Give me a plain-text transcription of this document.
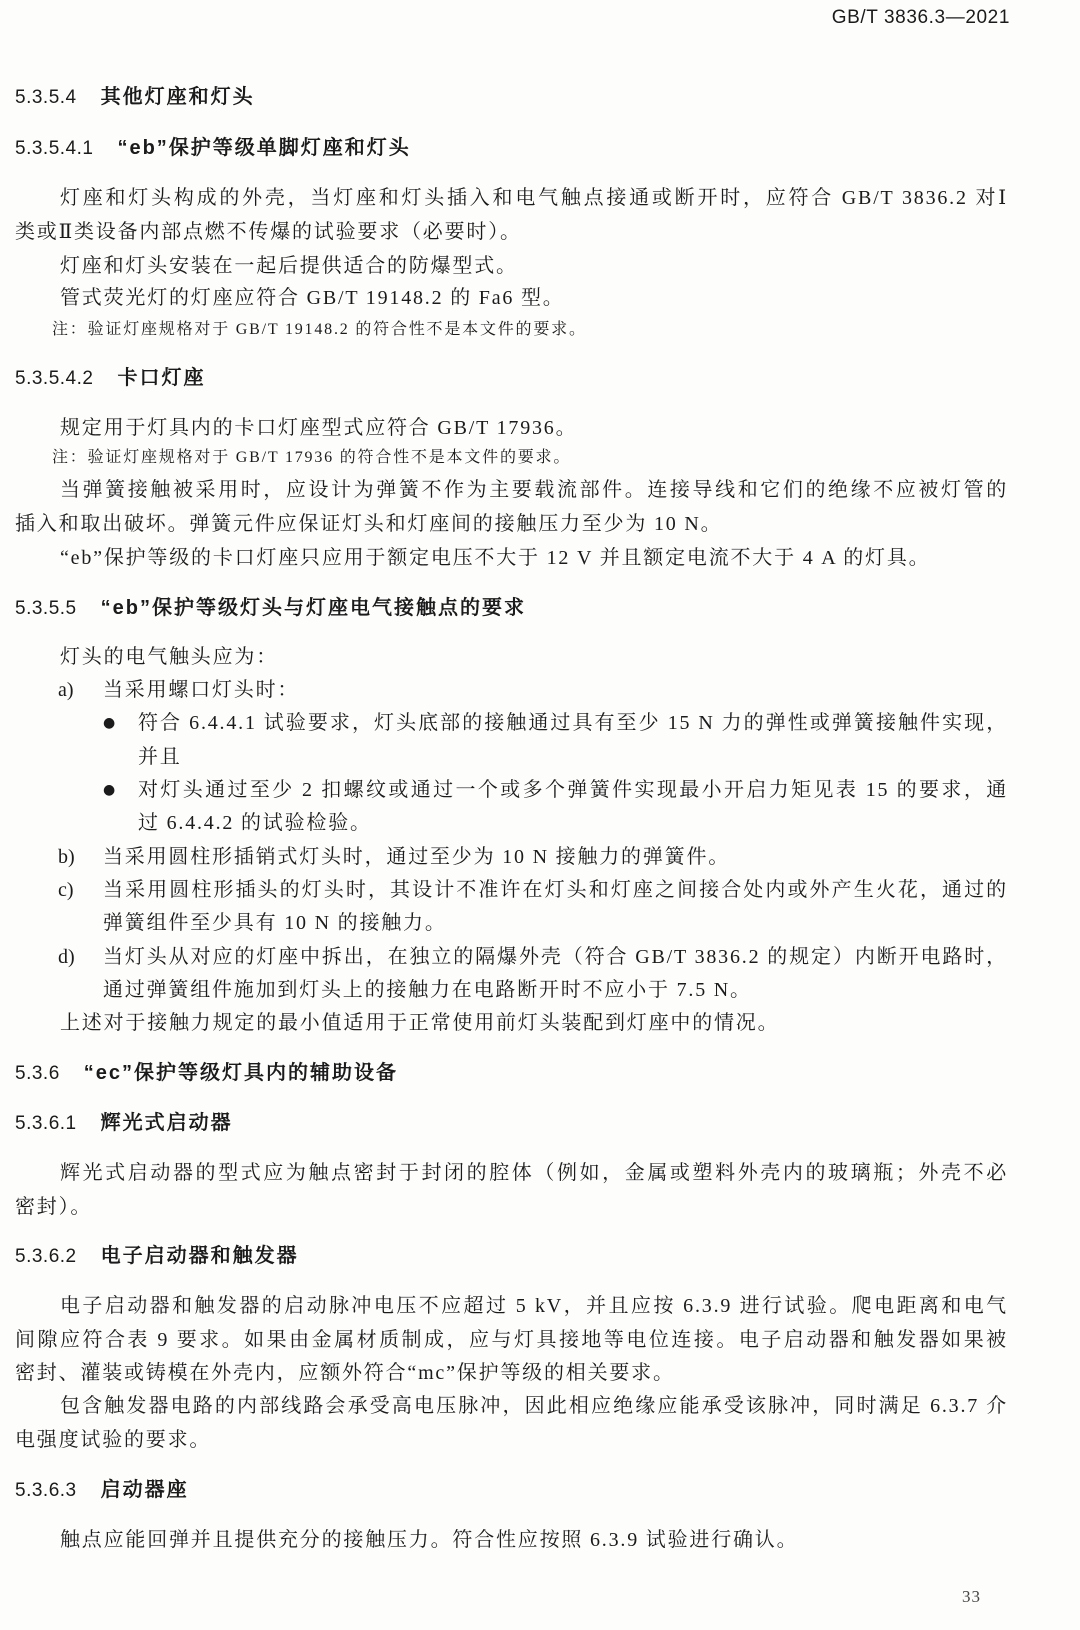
GB/T 3836.3—2021
5.3.5.4 其他灯座和灯头
5.3.5.4.1 “eb”保护等级单脚灯座和灯头
灯座和灯头构成的外壳，当灯座和灯头插入和电气触点接通或断开时，应符合 GB/T 3836.2 对Ⅰ
类或Ⅱ类设备内部点燃不传爆的试验要求（必要时）。
灯座和灯头安装在一起后提供适合的防爆型式。
管式荧光灯的灯座应符合 GB/T 19148.2 的 Fa6 型。
注：验证灯座规格对于 GB/T 19148.2 的符合性不是本文件的要求。
5.3.5.4.2 卡口灯座
规定用于灯具内的卡口灯座型式应符合 GB/T 17936。
注：验证灯座规格对于 GB/T 17936 的符合性不是本文件的要求。
当弹簧接触被采用时，应设计为弹簧不作为主要载流部件。连接导线和它们的绝缘不应被灯管的
插入和取出破坏。弹簧元件应保证灯头和灯座间的接触压力至少为 10 N。
“eb”保护等级的卡口灯座只应用于额定电压不大于 12 V 并且额定电流不大于 4 A 的灯具。
5.3.5.5 “eb”保护等级灯头与灯座电气接触点的要求
灯头的电气触头应为：
a) 当采用螺口灯头时：
● 符合 6.4.4.1 试验要求，灯头底部的接触通过具有至少 15 N 力的弹性或弹簧接触件实现，
并且
● 对灯头通过至少 2 扣螺纹或通过一个或多个弹簧件实现最小开启力矩见表 15 的要求，通
过 6.4.4.2 的试验检验。
b) 当采用圆柱形插销式灯头时，通过至少为 10 N 接触力的弹簧件。
c) 当采用圆柱形插头的灯头时，其设计不准许在灯头和灯座之间接合处内或外产生火花，通过的
弹簧组件至少具有 10 N 的接触力。
d) 当灯头从对应的灯座中拆出，在独立的隔爆外壳（符合 GB/T 3836.2 的规定）内断开电路时，
通过弹簧组件施加到灯头上的接触力在电路断开时不应小于 7.5 N。
上述对于接触力规定的最小值适用于正常使用前灯头装配到灯座中的情况。
5.3.6 “ec”保护等级灯具内的辅助设备
5.3.6.1 辉光式启动器
辉光式启动器的型式应为触点密封于封闭的腔体（例如，金属或塑料外壳内的玻璃瓶；外壳不必
密封）。
5.3.6.2 电子启动器和触发器
电子启动器和触发器的启动脉冲电压不应超过 5 kV，并且应按 6.3.9 进行试验。爬电距离和电气
间隙应符合表 9 要求。如果由金属材质制成，应与灯具接地等电位连接。电子启动器和触发器如果被
密封、灌装或铸模在外壳内，应额外符合“mc”保护等级的相关要求。
包含触发器电路的内部线路会承受高电压脉冲，因此相应绝缘应能承受该脉冲，同时满足 6.3.7 介
电强度试验的要求。
5.3.6.3 启动器座
触点应能回弹并且提供充分的接触压力。符合性应按照 6.3.9 试验进行确认。
33
